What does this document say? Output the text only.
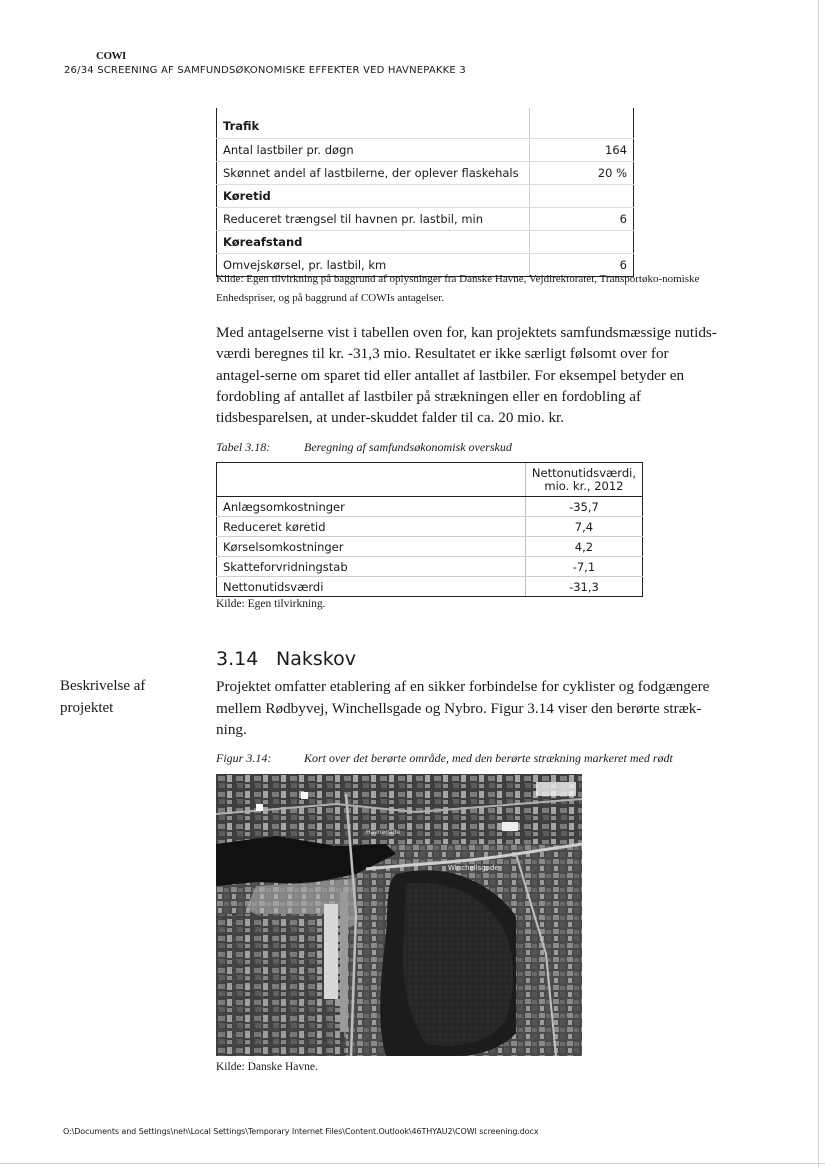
COWI
26/34 SCREENING AF SAMFUNDSØKONOMISKE EFFEKTER VED HAVNEPAKKE 3
Trafik	
Antal lastbiler pr. døgn	164
Skønnet andel af lastbilerne, der oplever flaskehals	20 %
Køretid	
Reduceret trængsel til havnen pr. lastbil, min	6
Køreafstand	
Omvejskørsel, pr. lastbil, km	6
Kilde: Egen tilvirkning på baggrund af oplysninger fra Danske Havne, Vejdirektoratet, Transportøko-nomiske Enhedspriser, og på baggrund af COWIs antagelser.
Med antagelserne vist i tabellen oven for, kan projektets samfundsmæssige nutids-værdi beregnes til kr. -31,3 mio. Resultatet er ikke særligt følsomt over for antagel-serne om sparet tid eller antallet af lastbiler. For eksempel betyder en fordobling af antallet af lastbiler på strækningen eller en fordobling af tidsbesparelsen, at under-skuddet falder til ca. 20 mio. kr.
Tabel 3.18:	Beregning af samfundsøkonomisk overskud
	Nettonutidsværdi, mio. kr., 2012
Anlægsomkostninger	-35,7
Reduceret køretid	7,4
Kørselsomkostninger	4,2
Skatteforvridningstab	-7,1
Nettonutidsværdi	-31,3
Kilde: Egen tilvirkning.
3.14 Nakskov
Beskrivelse af projektet
Projektet omfatter etablering af en sikker forbindelse for cyklister og fodgængere mellem Rødbyvej, Winchellsgade og Nybro. Figur 3.14 viser den berørte stræk-ning.
Figur 3.14:	Kort over det berørte område, med den berørte strækning markeret med rødt
Winchellsgade
Havnegade
Kilde: Danske Havne.
O:\Documents and Settings\neh\Local Settings\Temporary Internet Files\Content.Outlook\46THYAU2\COWI screening.docx
